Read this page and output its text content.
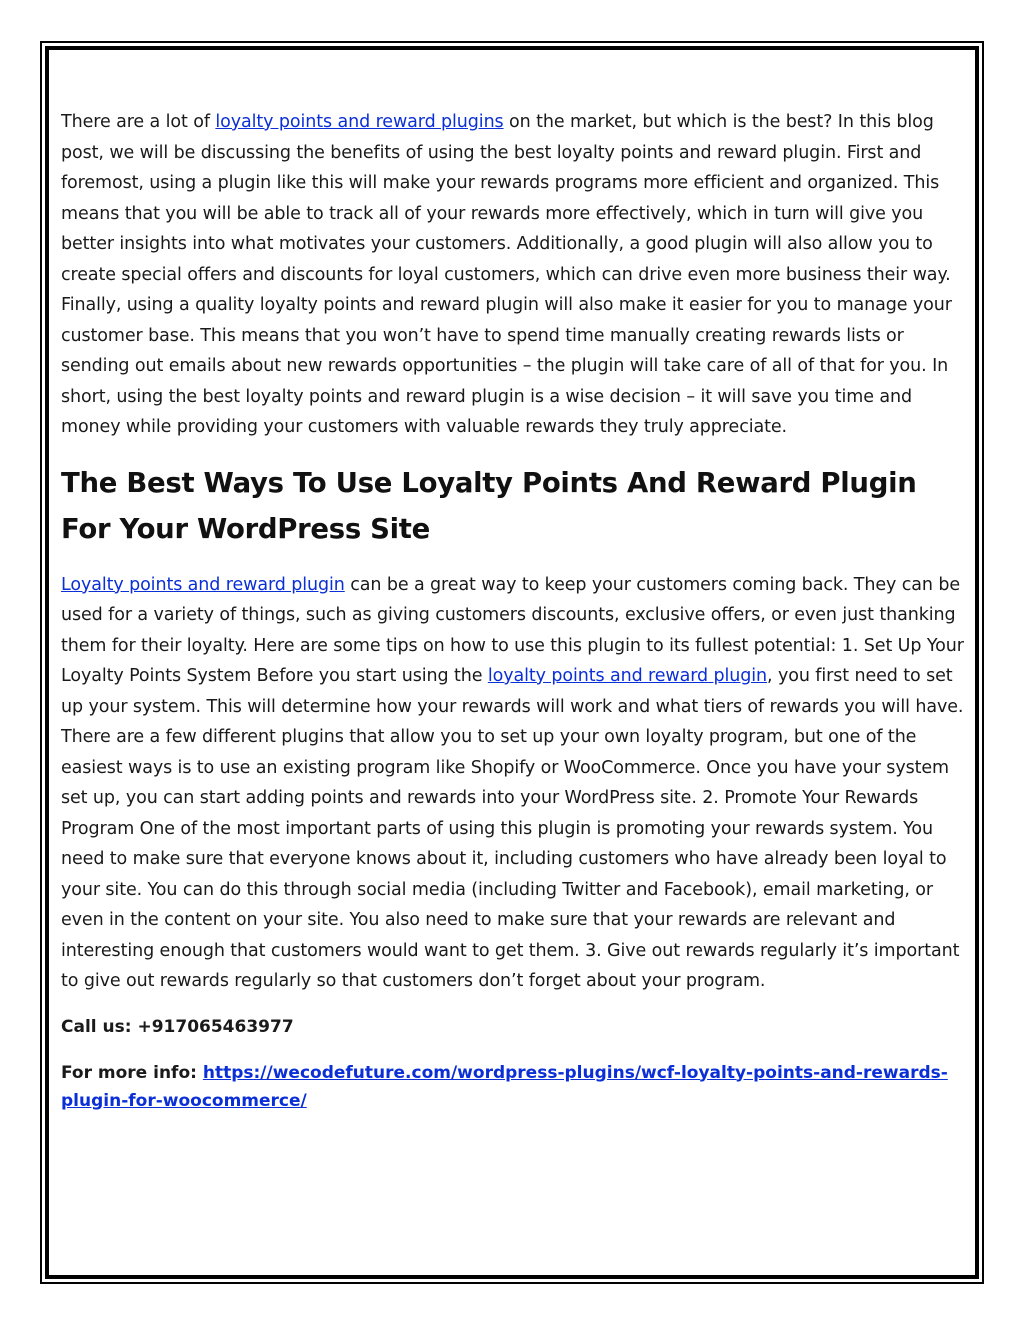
There are a lot of loyalty points and reward plugins on the market, but which is the best? In this blog post, we will be discussing the benefits of using the best loyalty points and reward plugin. First and foremost, using a plugin like this will make your rewards programs more efficient and organized. This means that you will be able to track all of your rewards more effectively, which in turn will give you better insights into what motivates your customers. Additionally, a good plugin will also allow you to create special offers and discounts for loyal customers, which can drive even more business their way. Finally, using a quality loyalty points and reward plugin will also make it easier for you to manage your customer base. This means that you won’t have to spend time manually creating rewards lists or sending out emails about new rewards opportunities – the plugin will take care of all of that for you. In short, using the best loyalty points and reward plugin is a wise decision – it will save you time and money while providing your customers with valuable rewards they truly appreciate.

The Best Ways To Use Loyalty Points And Reward Plugin For Your WordPress Site

Loyalty points and reward plugin can be a great way to keep your customers coming back. They can be used for a variety of things, such as giving customers discounts, exclusive offers, or even just thanking them for their loyalty. Here are some tips on how to use this plugin to its fullest potential: 1. Set Up Your Loyalty Points System Before you start using the loyalty points and reward plugin, you first need to set up your system. This will determine how your rewards will work and what tiers of rewards you will have. There are a few different plugins that allow you to set up your own loyalty program, but one of the easiest ways is to use an existing program like Shopify or WooCommerce. Once you have your system set up, you can start adding points and rewards into your WordPress site. 2. Promote Your Rewards Program One of the most important parts of using this plugin is promoting your rewards system. You need to make sure that everyone knows about it, including customers who have already been loyal to your site. You can do this through social media (including Twitter and Facebook), email marketing, or even in the content on your site. You also need to make sure that your rewards are relevant and interesting enough that customers would want to get them. 3. Give out rewards regularly it’s important to give out rewards regularly so that customers don’t forget about your program.

Call us: +917065463977

For more info: https://wecodefuture.com/wordpress-plugins/wcf-loyalty-points-and-rewards-plugin-for-woocommerce/
